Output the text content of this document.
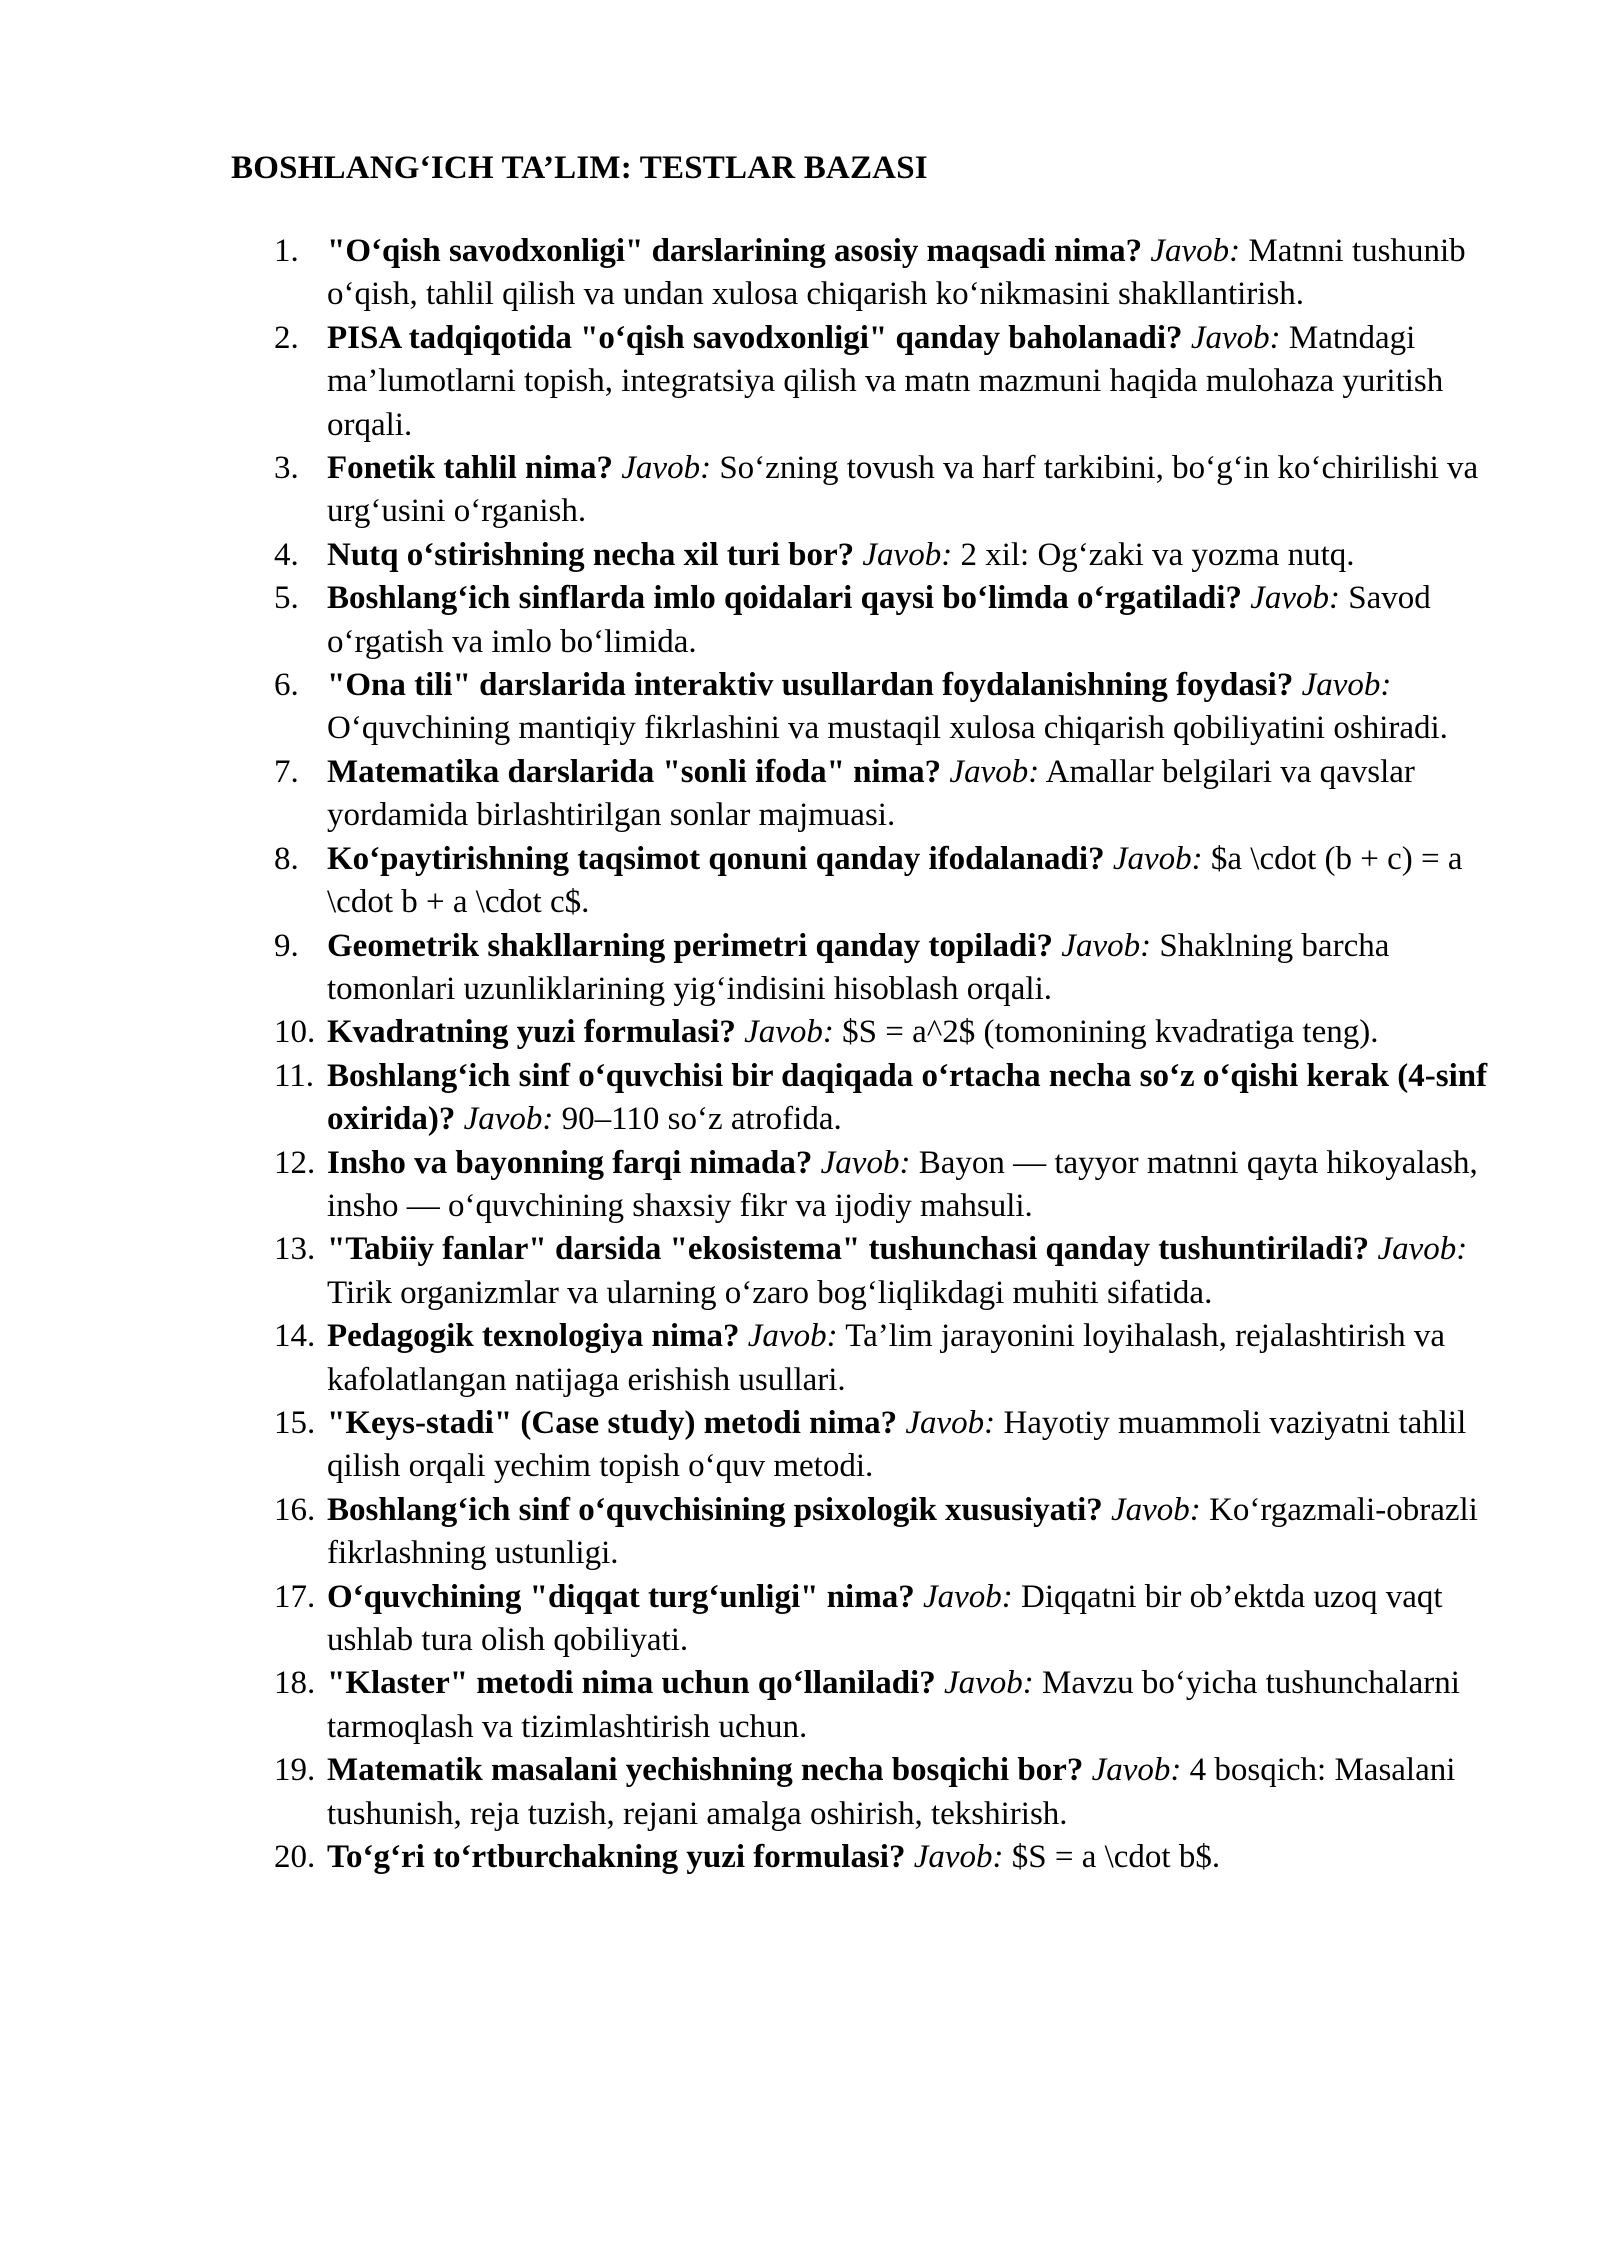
BOSHLANG‘ICH TA’LIM: TESTLAR BAZASI
1. "O‘qish savodxonligi" darslarining asosiy maqsadi nima? Javob: Matnni tushunib o‘qish, tahlil qilish va undan xulosa chiqarish ko‘nikmasini shakllantirish.
2. PISA tadqiqotida "o‘qish savodxonligi" qanday baholanadi? Javob: Matndagi ma’lumotlarni topish, integratsiya qilish va matn mazmuni haqida mulohaza yuritish orqali.
3. Fonetik tahlil nima? Javob: So‘zning tovush va harf tarkibini, bo‘g‘in ko‘chirilishi va urg‘usini o‘rganish.
4. Nutq o‘stirishning necha xil turi bor? Javob: 2 xil: Og‘zaki va yozma nutq.
5. Boshlang‘ich sinflarda imlo qoidalari qaysi bo‘limda o‘rgatiladi? Javob: Savod o‘rgatish va imlo bo‘limida.
6. "Ona tili" darslarida interaktiv usullardan foydalanishning foydasi? Javob: O‘quvchining mantiqiy fikrlashini va mustaqil xulosa chiqarish qobiliyatini oshiradi.
7. Matematika darslarida "sonli ifoda" nima? Javob: Amallar belgilari va qavslar yordamida birlashtirilgan sonlar majmuasi.
8. Ko‘paytirishning taqsimot qonuni qanday ifodalanadi? Javob: $a \cdot (b + c) = a \cdot b + a \cdot c$.
9. Geometrik shakllarning perimetri qanday topiladi? Javob: Shaklning barcha tomonlari uzunliklarining yig‘indisini hisoblash orqali.
10. Kvadratning yuzi formulasi? Javob: $S = a^2$ (tomonining kvadratiga teng).
11. Boshlang‘ich sinf o‘quvchisi bir daqiqada o‘rtacha necha so‘z o‘qishi kerak (4-sinf oxirida)? Javob: 90–110 so‘z atrofida.
12. Insho va bayonning farqi nimada? Javob: Bayon — tayyor matnni qayta hikoyalash, insho — o‘quvchining shaxsiy fikr va ijodiy mahsuli.
13. "Tabiiy fanlar" darsida "ekosistema" tushunchasi qanday tushuntiriladi? Javob: Tirik organizmlar va ularning o‘zaro bog‘liqlikdagi muhiti sifatida.
14. Pedagogik texnologiya nima? Javob: Ta’lim jarayonini loyihalash, rejalashtirish va kafolatlangan natijaga erishish usullari.
15. "Keys-stadi" (Case study) metodi nima? Javob: Hayotiy muammoli vaziyatni tahlil qilish orqali yechim topish o‘quv metodi.
16. Boshlang‘ich sinf o‘quvchisining psixologik xususiyati? Javob: Ko‘rgazmali-obrazli fikrlashning ustunligi.
17. O‘quvchining "diqqat turg‘unligi" nima? Javob: Diqqatni bir ob’ektda uzoq vaqt ushlab tura olish qobiliyati.
18. "Klaster" metodi nima uchun qo‘llaniladi? Javob: Mavzu bo‘yicha tushunchalarni tarmoqlash va tizimlashtirish uchun.
19. Matematik masalani yechishning necha bosqichi bor? Javob: 4 bosqich: Masalani tushunish, reja tuzish, rejani amalga oshirish, tekshirish.
20. To‘g‘ri to‘rtburchakning yuzi formulasi? Javob: $S = a \cdot b$.
